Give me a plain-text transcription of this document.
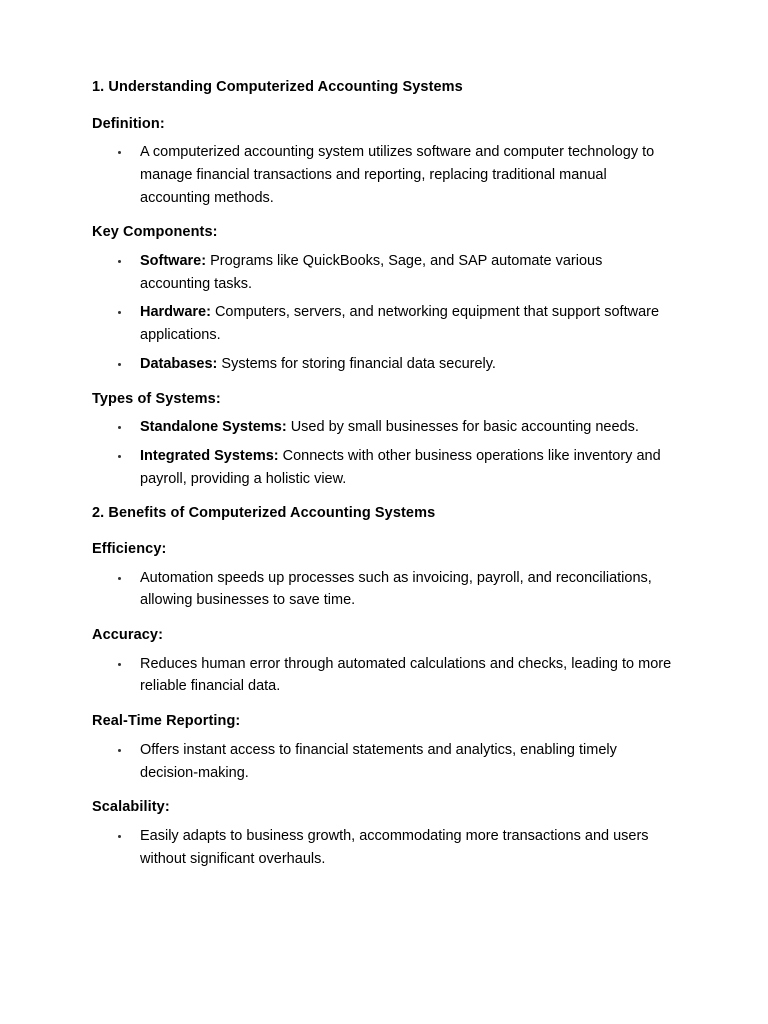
1. Understanding Computerized Accounting Systems
Definition:
A computerized accounting system utilizes software and computer technology to manage financial transactions and reporting, replacing traditional manual accounting methods.
Key Components:
Software: Programs like QuickBooks, Sage, and SAP automate various accounting tasks.
Hardware: Computers, servers, and networking equipment that support software applications.
Databases: Systems for storing financial data securely.
Types of Systems:
Standalone Systems: Used by small businesses for basic accounting needs.
Integrated Systems: Connects with other business operations like inventory and payroll, providing a holistic view.
2. Benefits of Computerized Accounting Systems
Efficiency:
Automation speeds up processes such as invoicing, payroll, and reconciliations, allowing businesses to save time.
Accuracy:
Reduces human error through automated calculations and checks, leading to more reliable financial data.
Real-Time Reporting:
Offers instant access to financial statements and analytics, enabling timely decision-making.
Scalability:
Easily adapts to business growth, accommodating more transactions and users without significant overhauls.
